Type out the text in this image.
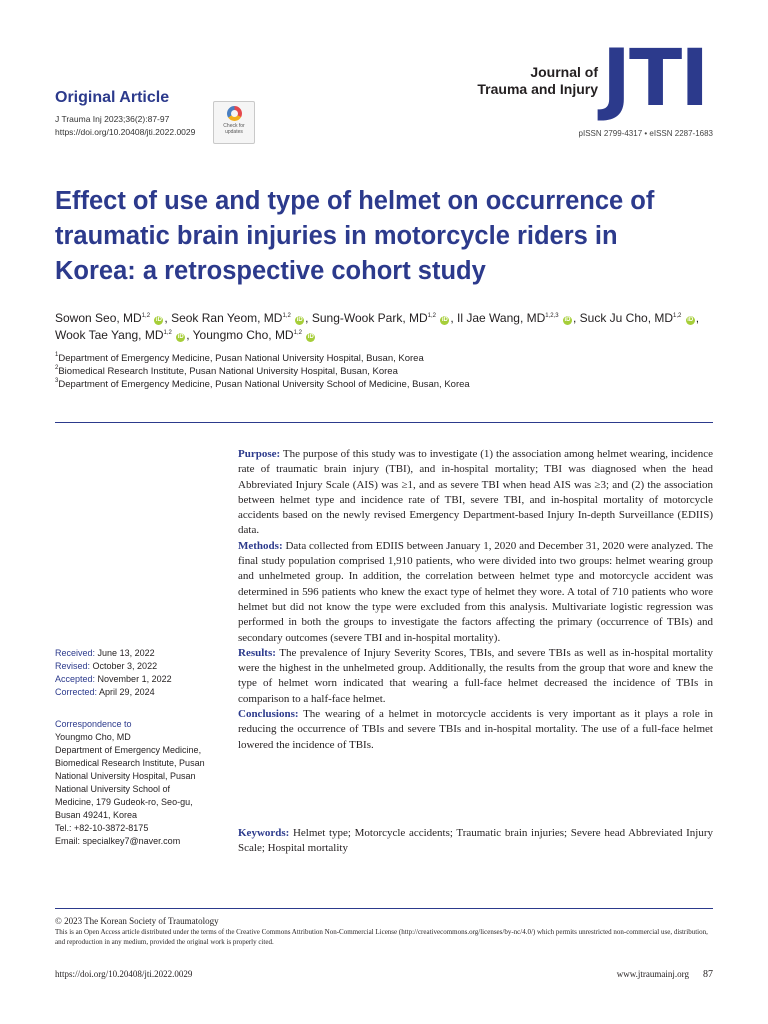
Original Article
J Trauma Inj 2023;36(2):87-97
https://doi.org/10.20408/jti.2022.0029
Check for updates
Journal of
Trauma and Injury JTI
pISSN 2799-4317 • eISSN 2287-1683
Effect of use and type of helmet on occurrence of traumatic brain injuries in motorcycle riders in Korea: a retrospective cohort study
Sowon Seo, MD$^{1,2}$ iD , Seok Ran Yeom, MD$^{1,2}$ iD , Sung-Wook Park, MD$^{1,2}$ iD , Il Jae Wang, MD$^{1,2,3}$ iD , Suck Ju Cho, MD$^{1,2}$ iD ,
Wook Tae Yang, MD$^{1,2}$ iD , Youngmo Cho, MD$^{1,2}$ iD
$^1$Department of Emergency Medicine, Pusan National University Hospital, Busan, Korea
$^2$Biomedical Research Institute, Pusan National University Hospital, Busan, Korea
$^3$Department of Emergency Medicine, Pusan National University School of Medicine, Busan, Korea

Purpose: The purpose of this study was to investigate (1) the association among helmet wearing, incidence rate of traumatic brain injury (TBI), and in-hospital mortality; TBI was diagnosed when the head Abbreviated Injury Scale (AIS) was ≥1, and as severe TBI when head AIS was ≥3; and (2) the association between helmet type and incidence rate of TBI, severe TBI, and in-hospital mortality of motorcycle accidents based on the newly revised Emergency Department-based Injury In-depth Surveillance (EDIIS) data.

Methods: Data collected from EDIIS between January 1, 2020 and December 31, 2020 were analyzed. The final study population comprised 1,910 patients, who were divided into two groups: helmet wearing group and unhelmeted group. In addition, the correlation between helmet type and motorcycle accident was determined in 596 patients who knew the exact type of helmet they wore. A total of 710 patients who wore helmet but did not know the type were excluded from this analysis. Multivariate logistic regression was performed in both the groups to investigate the factors affecting the primary (occurrence of TBIs) and secondary outcomes (severe TBI and in-hospital mortality).

Results: The prevalence of Injury Severity Scores, TBIs, and severe TBIs as well as in-hospital mortality were the highest in the unhelmeted group. Additionally, the results from the group that wore and knew the type of helmet worn indicated that wearing a full-face helmet decreased the incidence of TBIs in comparison to a half-face helmet.

Conclusions: The wearing of a helmet in motorcycle accidents is very important as it plays a role in reducing the occurrence of TBIs and severe TBIs and in-hospital mortality. The use of a full-face helmet lowered the incidence of TBIs.

Keywords: Helmet type; Motorcycle accidents; Traumatic brain injuries; Severe head Abbreviated Injury Scale; Hospital mortality
Received: June 13, 2022
Revised: October 3, 2022
Accepted: November 1, 2022
Corrected: April 29, 2024
Correspondence to
Youngmo Cho, MD
Department of Emergency Medicine,
Biomedical Research Institute, Pusan
National University Hospital, Pusan
National University School of
Medicine, 179 Gudeok-ro, Seo-gu,
Busan 49241, Korea
Tel.: +82-10-3872-8175
Email: specialkey7@naver.com
© 2023 The Korean Society of Traumatology
This is an Open Access article distributed under the terms of the Creative Commons Attribution Non-Commercial License (http://creativecommons.org/licenses/by-nc/4.0/) which permits unrestricted non-commercial use, distribution, and reproduction in any medium, provided the original work is properly cited.
https://doi.org/10.20408/jti.2022.0029	www.jtraumainj.org 87
